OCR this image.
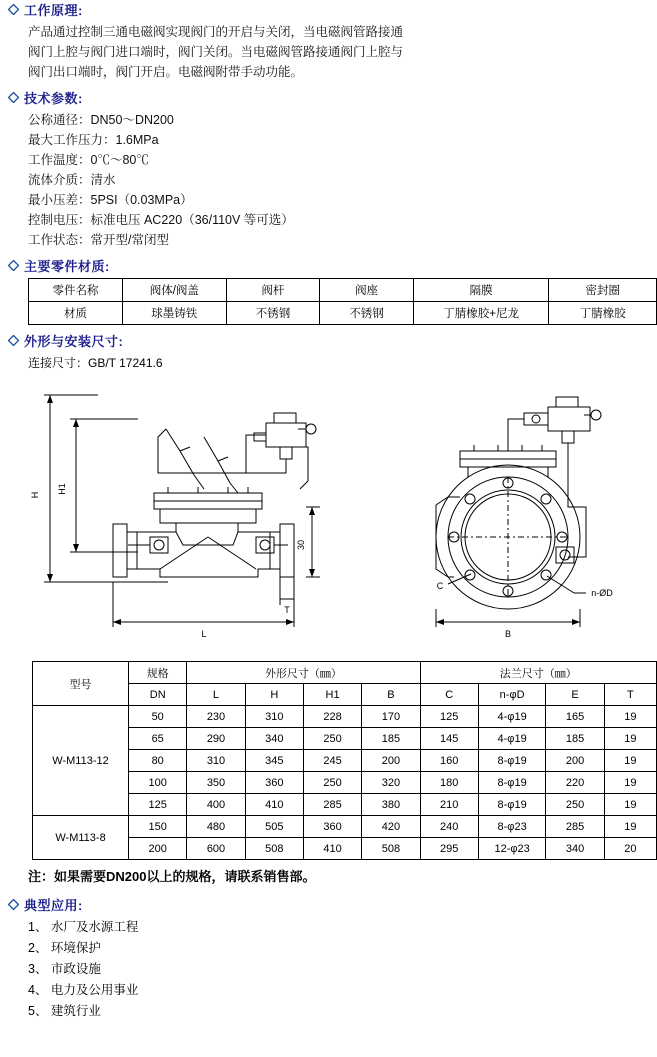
工作原理:
产品通过控制三通电磁阀实现阀门的开启与关闭，当电磁阀管路接通
阀门上腔与阀门进口端时，阀门关闭。当电磁阀管路接通阀门上腔与
阀门出口端时，阀门开启。电磁阀附带手动功能。
技术参数:
公称通径：DN50～DN200
最大工作压力：1.6MPa
工作温度：0℃～80℃
流体介质：清水
最小压差：5PSI（0.03MPa）
控制电压：标准电压 AC220（36/110V 等可选）
工作状态：常开型/常闭型
主要零件材质:
零件名称	阀体/阀盖	阀杆	阀座	隔膜	密封圈
材质	球墨铸铁	不锈钢	不锈钢	丁腈橡胶+尼龙	丁腈橡胶
外形与安装尺寸:
连接尺寸：GB/T 17241.6
H
H1
30
T
L	B
C
n-ØD
型号	规格	外形尺寸（㎜）				法兰尺寸（㎜）			
	DN	L	H	H1	B	C	n-φD	E	T
W-M113-12	50	230	310	228	170	125	4-φ19	165	19
	65	290	340	250	185	145	4-φ19	185	19
	80	310	345	245	200	160	8-φ19	200	19
	100	350	360	250	320	180	8-φ19	220	19
	125	400	410	285	380	210	8-φ19	250	19
W-M113-8	150	480	505	360	420	240	8-φ23	285	19
	200	600	508	410	508	295	12-φ23	340	20
注：如果需要DN200以上的规格，请联系销售部。
典型应用:
1、 水厂及水源工程
2、 环境保护
3、 市政设施
4、 电力及公用事业
5、 建筑行业
